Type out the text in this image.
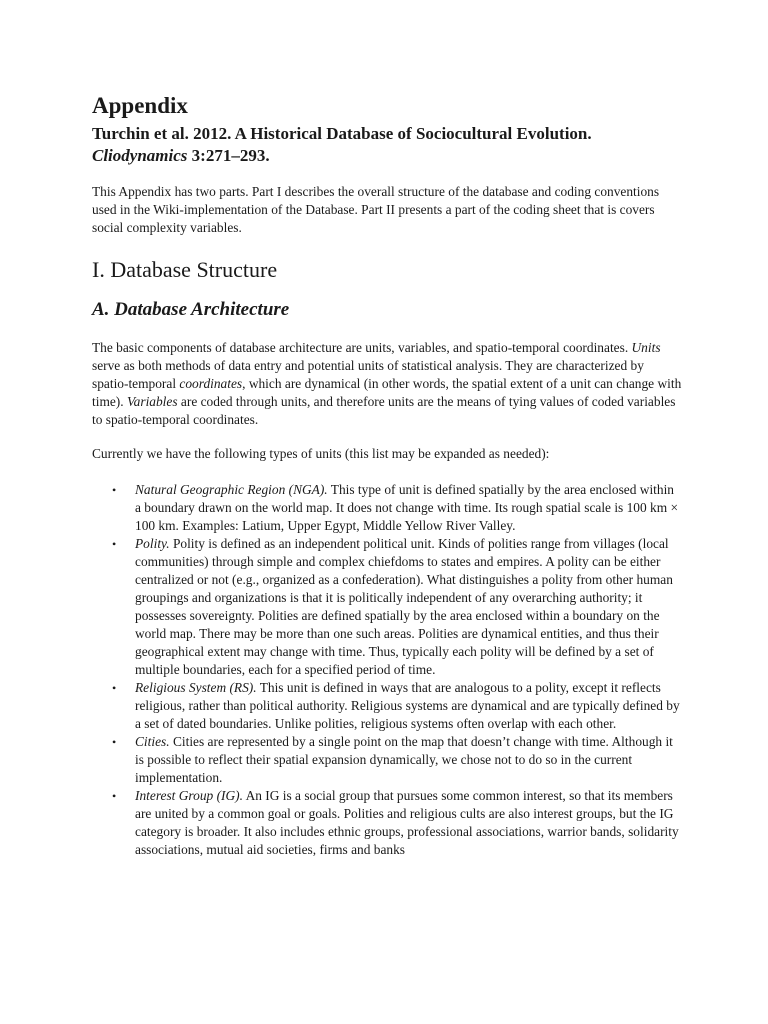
Appendix

Turchin et al. 2012. A Historical Database of Sociocultural Evolution.
Cliodynamics 3:271–293.

This Appendix has two parts. Part I describes the overall structure of the database and coding conventions used in the Wiki-implementation of the Database. Part II presents a part of the coding sheet that is covers social complexity variables.

I. Database Structure
A. Database Architecture

The basic components of database architecture are units, variables, and spatio-temporal coordinates. Units serve as both methods of data entry and potential units of statistical analysis. They are characterized by spatio-temporal coordinates, which are dynamical (in other words, the spatial extent of a unit can change with time). Variables are coded through units, and therefore units are the means of tying values of coded variables to spatio-temporal coordinates.

Currently we have the following types of units (this list may be expanded as needed):

• Natural Geographic Region (NGA). This type of unit is defined spatially by the area enclosed within a boundary drawn on the world map. It does not change with time. Its rough spatial scale is 100 km × 100 km. Examples: Latium, Upper Egypt, Middle Yellow River Valley.
• Polity. Polity is defined as an independent political unit. Kinds of polities range from villages (local communities) through simple and complex chiefdoms to states and empires. A polity can be either centralized or not (e.g., organized as a confederation). What distinguishes a polity from other human groupings and organizations is that it is politically independent of any overarching authority; it possesses sovereignty. Polities are defined spatially by the area enclosed within a boundary on the world map. There may be more than one such areas. Polities are dynamical entities, and thus their geographical extent may change with time. Thus, typically each polity will be defined by a set of multiple boundaries, each for a specified period of time.
• Religious System (RS). This unit is defined in ways that are analogous to a polity, except it reflects religious, rather than political authority. Religious systems are dynamical and are typically defined by a set of dated boundaries. Unlike polities, religious systems often overlap with each other.
• Cities. Cities are represented by a single point on the map that doesn’t change with time. Although it is possible to reflect their spatial expansion dynamically, we chose not to do so in the current implementation.
• Interest Group (IG). An IG is a social group that pursues some common interest, so that its members are united by a common goal or goals. Polities and religious cults are also interest groups, but the IG category is broader. It also includes ethnic groups, professional associations, warrior bands, solidarity associations, mutual aid societies, firms and banks
